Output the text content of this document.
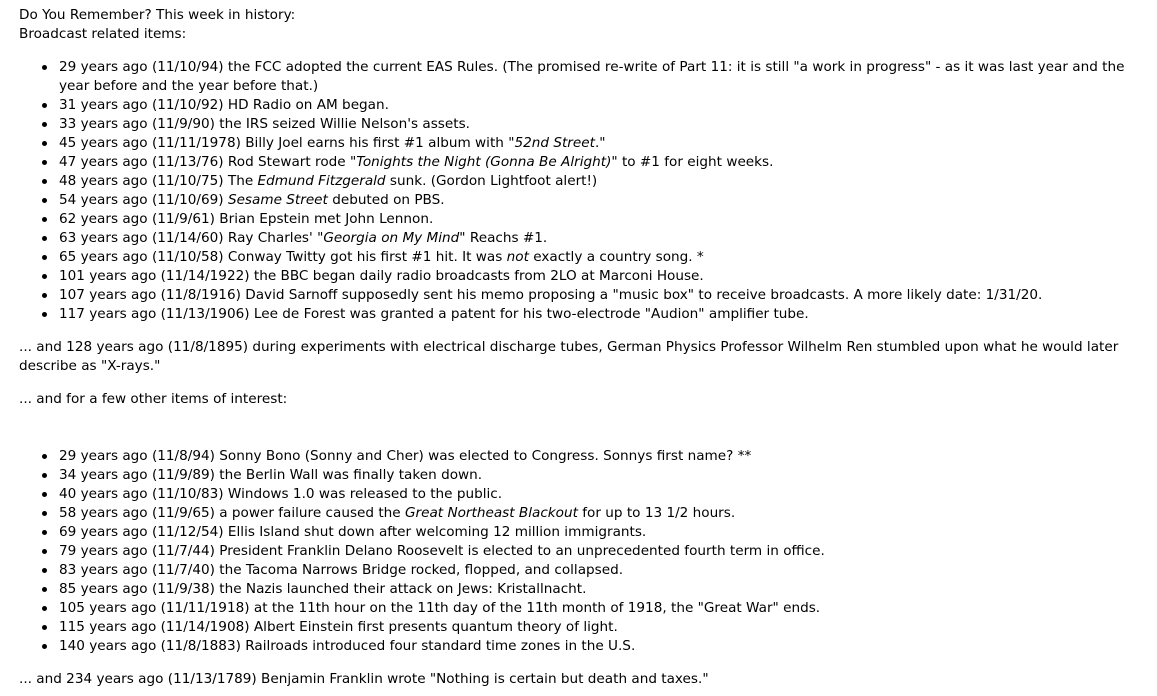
Do You Remember? This week in history:
Broadcast related items:
29 years ago (11/10/94) the FCC adopted the current EAS Rules. (The promised re-write of Part 11: it is still "a work in progress" - as it was last year and the year before and the year before that.)
31 years ago (11/10/92) HD Radio on AM began.
33 years ago (11/9/90) the IRS seized Willie Nelson's assets.
45 years ago (11/11/1978) Billy Joel earns his first #1 album with "52nd Street."
47 years ago (11/13/76) Rod Stewart rode "Tonights the Night (Gonna Be Alright)" to #1 for eight weeks.
48 years ago (11/10/75) The Edmund Fitzgerald sunk. (Gordon Lightfoot alert!)
54 years ago (11/10/69) Sesame Street debuted on PBS.
62 years ago (11/9/61) Brian Epstein met John Lennon.
63 years ago (11/14/60) Ray Charles' "Georgia on My Mind" Reachs #1.
65 years ago (11/10/58) Conway Twitty got his first #1 hit. It was not exactly a country song. *
101 years ago (11/14/1922) the BBC began daily radio broadcasts from 2LO at Marconi House.
107 years ago (11/8/1916) David Sarnoff supposedly sent his memo proposing a "music box" to receive broadcasts. A more likely date: 1/31/20.
117 years ago (11/13/1906) Lee de Forest was granted a patent for his two-electrode "Audion" amplifier tube.

... and 128 years ago (11/8/1895) during experiments with electrical discharge tubes, German Physics Professor Wilhelm Ren stumbled upon what he would later describe as "X-rays."

... and for a few other items of interest:

29 years ago (11/8/94) Sonny Bono (Sonny and Cher) was elected to Congress. Sonnys first name? **
34 years ago (11/9/89) the Berlin Wall was finally taken down.
40 years ago (11/10/83) Windows 1.0 was released to the public.
58 years ago (11/9/65) a power failure caused the Great Northeast Blackout for up to 13 1/2 hours.
69 years ago (11/12/54) Ellis Island shut down after welcoming 12 million immigrants.
79 years ago (11/7/44) President Franklin Delano Roosevelt is elected to an unprecedented fourth term in office.
83 years ago (11/7/40) the Tacoma Narrows Bridge rocked, flopped, and collapsed.
85 years ago (11/9/38) the Nazis launched their attack on Jews: Kristallnacht.
105 years ago (11/11/1918) at the 11th hour on the 11th day of the 11th month of 1918, the "Great War" ends.
115 years ago (11/14/1908) Albert Einstein first presents quantum theory of light.
140 years ago (11/8/1883) Railroads introduced four standard time zones in the U.S.

... and 234 years ago (11/13/1789) Benjamin Franklin wrote "Nothing is certain but death and taxes."
